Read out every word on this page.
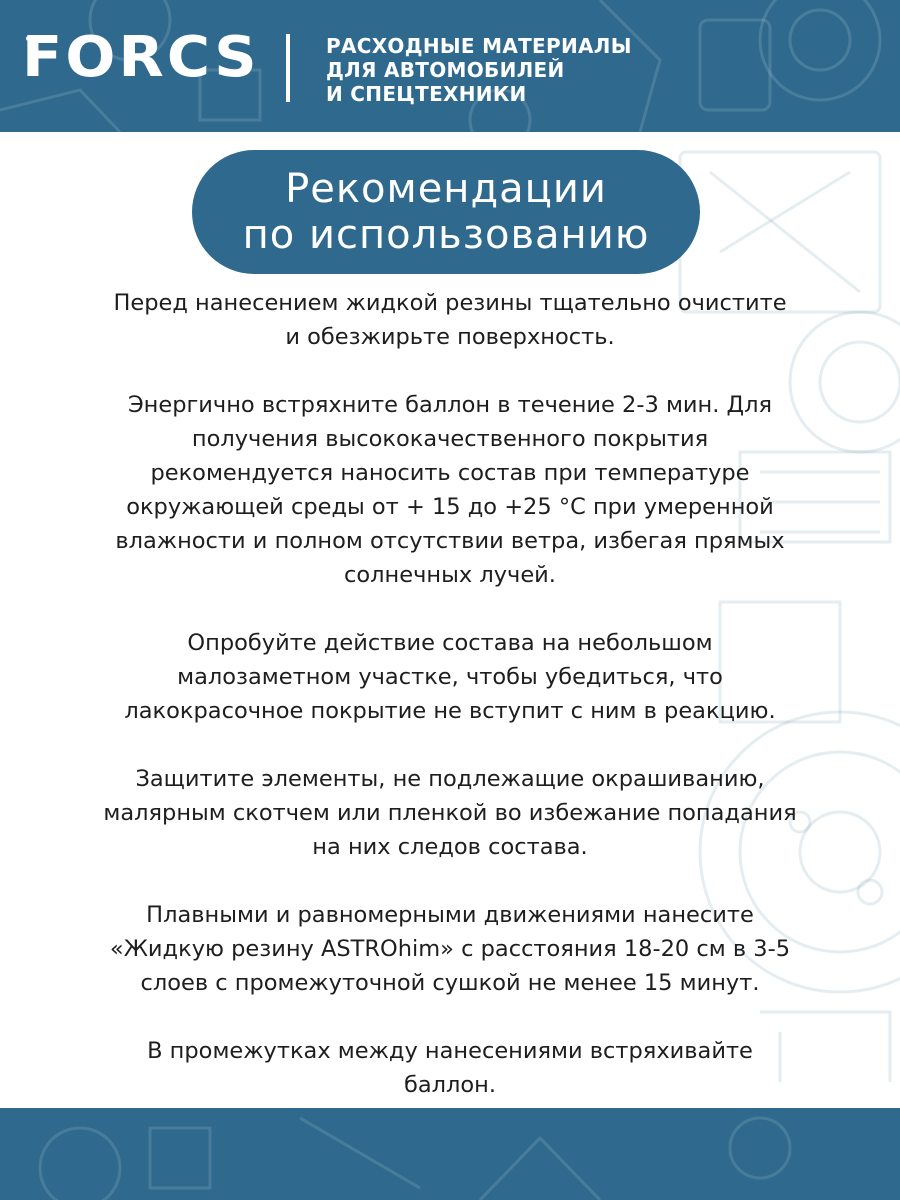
FORCS	РАСХОДНЫЕ МАТЕРИАЛЫ
ДЛЯ АВТОМОБИЛЕЙ
И СПЕЦТЕХНИКИ
Рекомендации
по использованию

Перед нанесением жидкой резины тщательно очистите
и обезжирьте поверхность.

Энергично встряхните баллон в течение 2-3 мин. Для
получения высококачественного покрытия
рекомендуется наносить состав при температуре
окружающей среды от + 15 до +25 °С при умеренной
влажности и полном отсутствии ветра, избегая прямых
солнечных лучей.

Опробуйте действие состава на небольшом
малозаметном участке, чтобы убедиться, что
лакокрасочное покрытие не вступит с ним в реакцию.

Защитите элементы, не подлежащие окрашиванию,
малярным скотчем или пленкой во избежание попадания
на них следов состава.

Плавными и равномерными движениями нанесите
«Жидкую резину ASTROhim» с расстояния 18-20 см в 3-5
слоев с промежуточной сушкой не менее 15 минут.

В промежутках между нанесениями встряхивайте
баллон.
